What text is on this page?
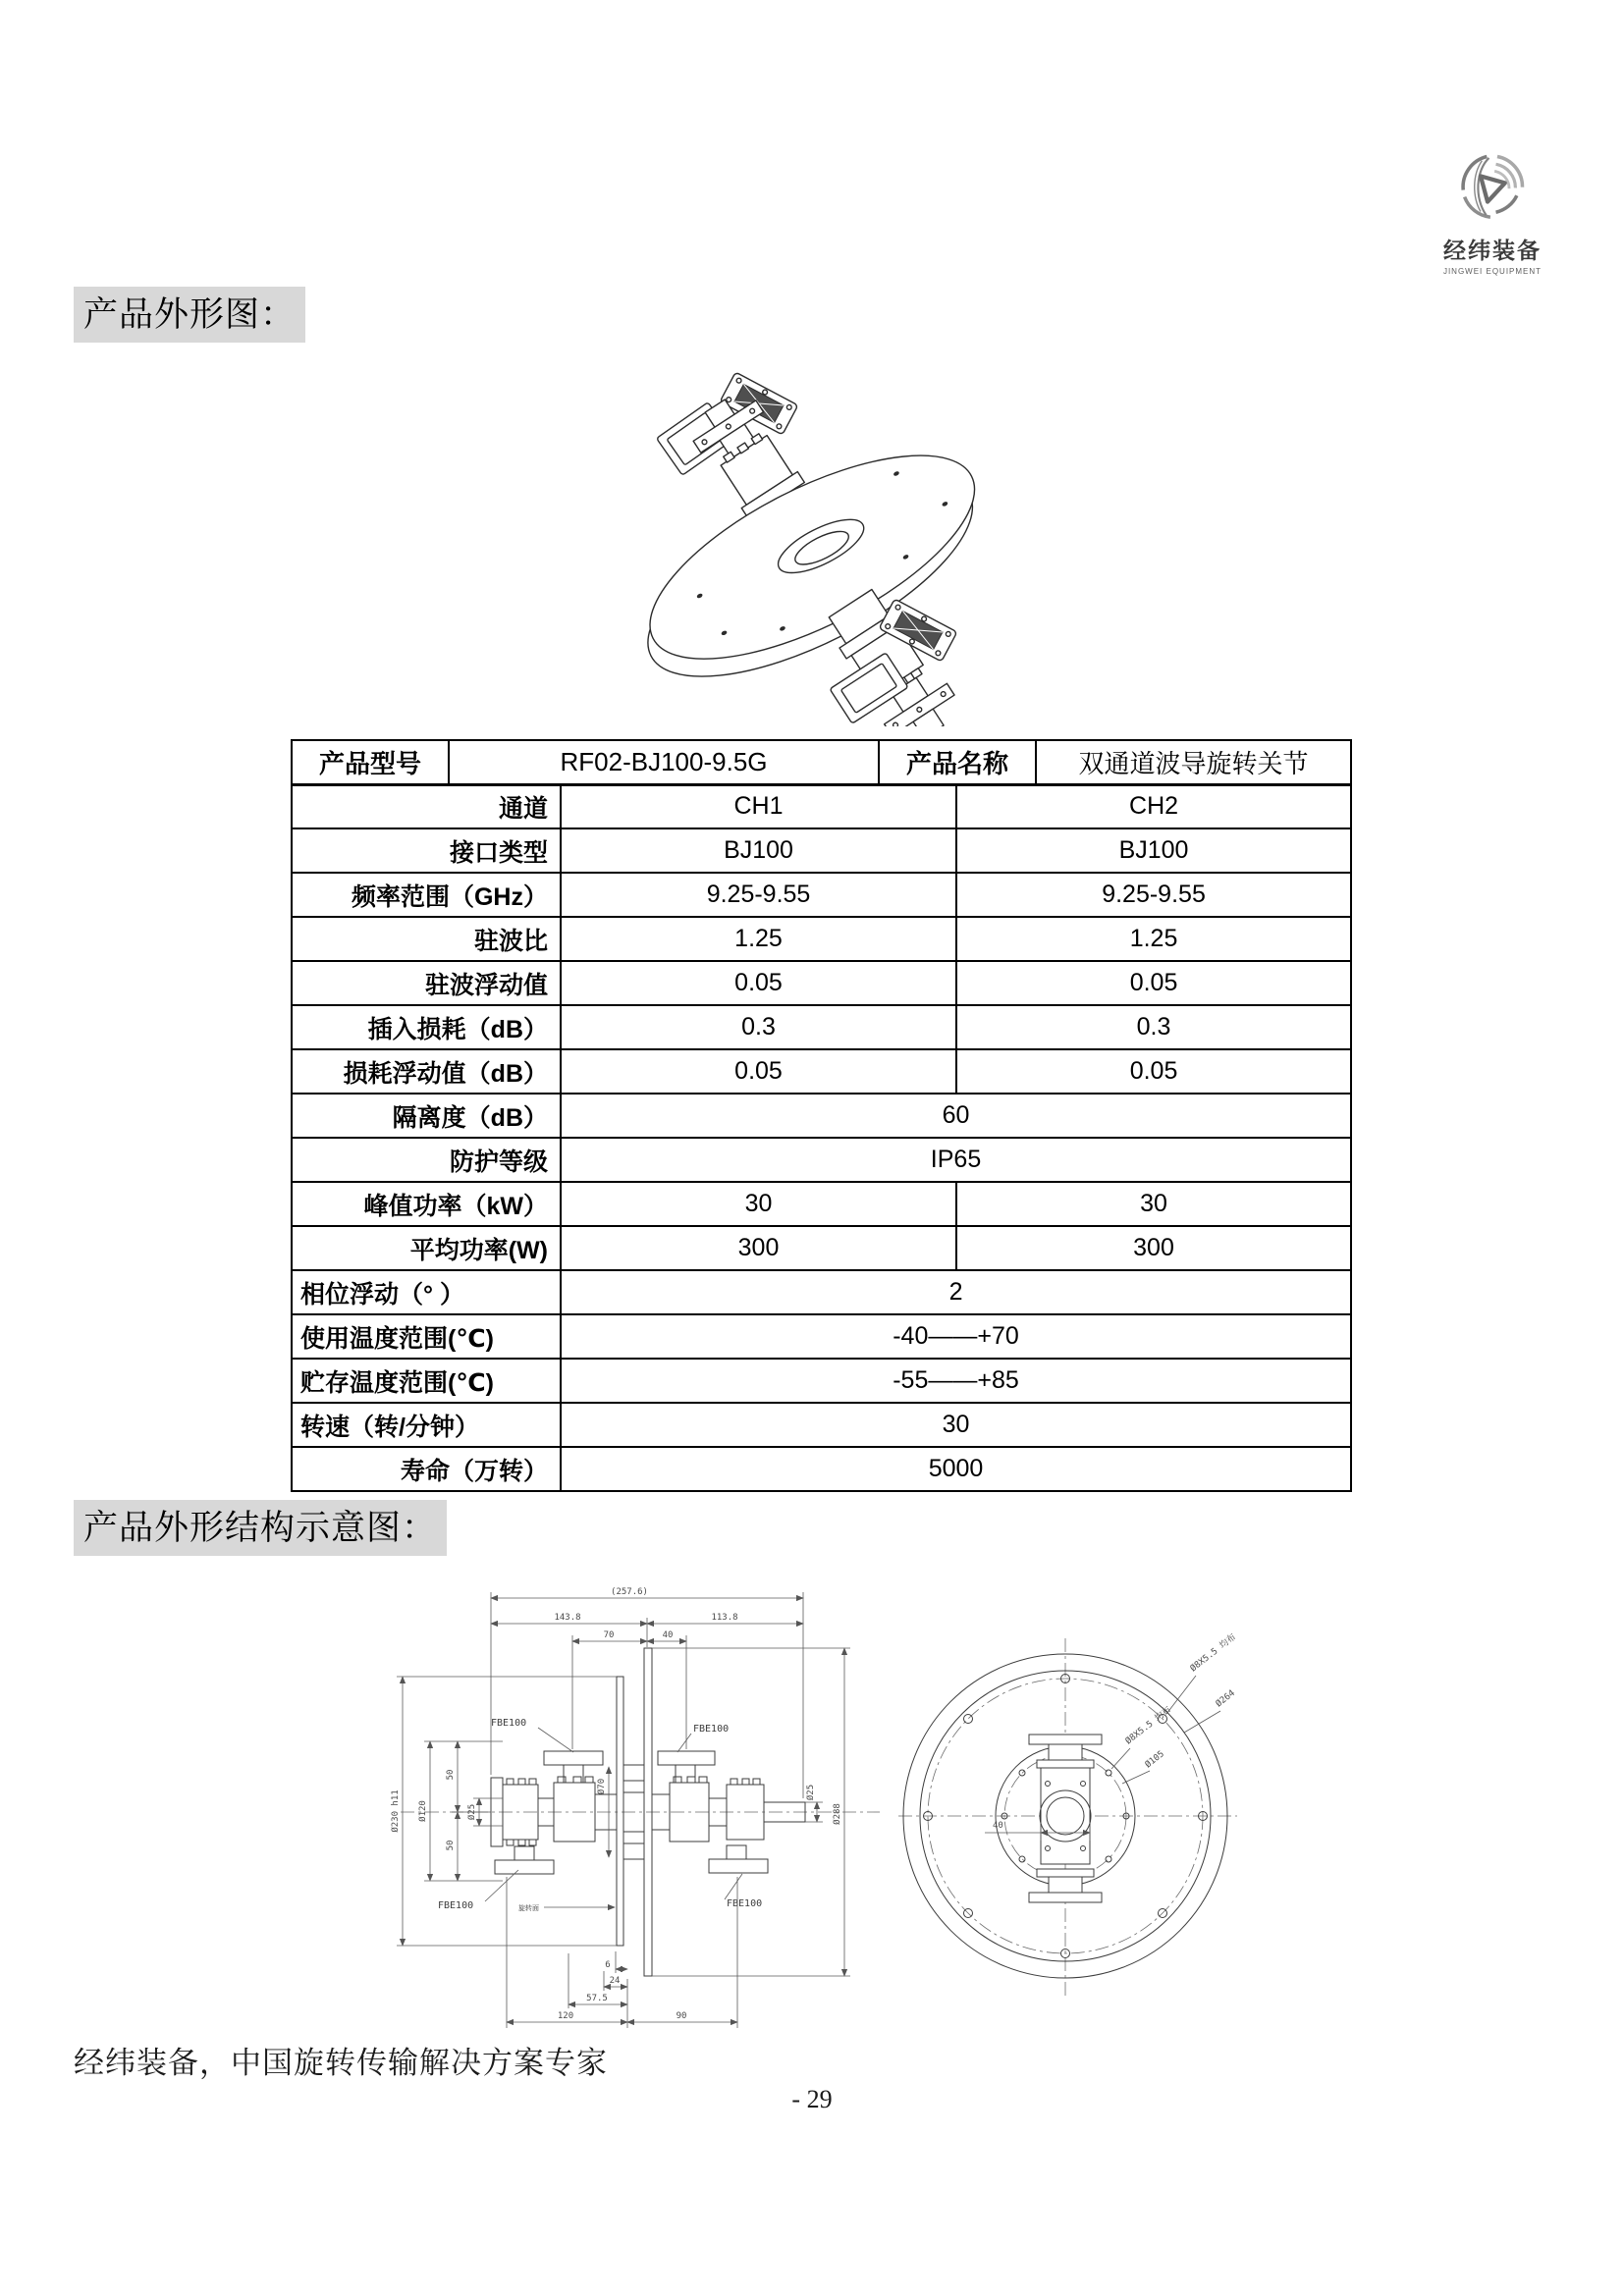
经纬装备
JINGWEI EQUIPMENT
产品外形图：
产品外形结构示意图：
产品型号	RF02-BJ100-9.5G		产品名称		双通道波导旋转关节
通道		CH1		CH2	
接口类型		BJ100		BJ100	
频率范围（GHz）		9.25-9.55		9.25-9.55	
驻波比		1.25		1.25	
驻波浮动值		0.05		0.05	
插入损耗（dB）		0.3		0.3	
损耗浮动值（dB）		0.05		0.05	
隔离度（dB）		60			
防护等级		IP65			
峰值功率（kW）		30		30	
平均功率(W)		300		300	
相位浮动（° ）		2			
使用温度范围(℃)		-40——+70			
贮存温度范围(℃)		-55——+85			
转速（转/分钟）		30			
寿命（万转）		5000			
FBE100
FBE100
FBE100	FBE100
(257.6)
143.8	113.8
70	40
Ø230 h11 Ø120
50
50
Ø25
Ø70	Ø25
Ø288
6
24
57.5
120	90
旋转面
40
Ø8X5.5 均布
Ø264
Ø8X5.5 均布
Ø105
经纬装备，中国旋转传输解决方案专家
- 29
